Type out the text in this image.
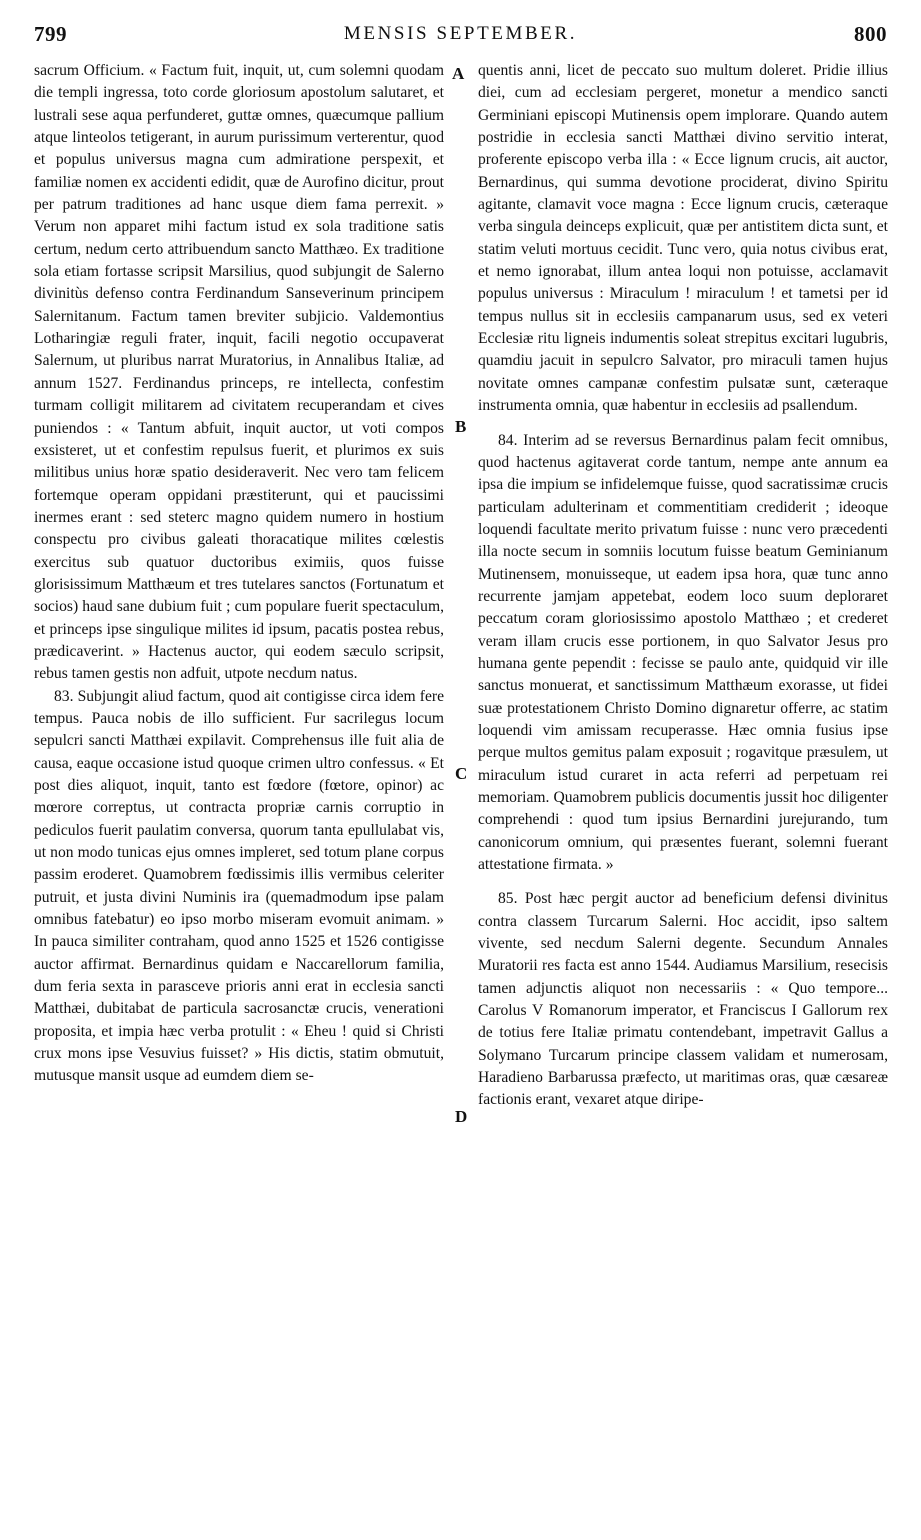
799	MENSIS SEPTEMBER.	800
A
B
C
D

sacrum Officium. « Factum fuit, inquit, ut, cum solemni quodam die templi ingressa, toto corde gloriosum apostolum salutaret, et lustrali sese aqua perfunderet, guttæ omnes, quæcumque pallium atque linteolos tetigerant, in aurum purissimum verterentur, quod et populus universus magna cum admiratione perspexit, et familiæ nomen ex accidenti edidit, quæ de Aurofino dicitur, prout per patrum traditiones ad hanc usque diem fama perrexit. » Verum non apparet mihi factum istud ex sola traditione satis certum, nedum certo attribuendum sancto Matthæo. Ex traditione sola etiam fortasse scripsit Marsilius, quod subjungit de Salerno divinitùs defenso contra Ferdinandum Sanseverinum principem Salernitanum. Factum tamen breviter subjicio. Valdemontius Lotharingiæ reguli frater, inquit, facili negotio occupaverat Salernum, ut pluribus narrat Muratorius, in Annalibus Italiæ, ad annum 1527. Ferdinandus princeps, re intellecta, confestim turmam colligit militarem ad civitatem recuperandam et cives puniendos : « Tantum abfuit, inquit auctor, ut voti compos exsisteret, ut et confestim repulsus fuerit, et plurimos ex suis militibus unius horæ spatio desideraverit. Nec vero tam felicem fortemque operam oppidani præstiterunt, qui et paucissimi inermes erant : sed steterc magno quidem numero in hostium conspectu pro civibus galeati thoracatique milites cœlestis exercitus sub quatuor ductoribus eximiis, quos fuisse glorisissimum Matthæum et tres tutelares sanctos (Fortunatum et socios) haud sane dubium fuit ; cum populare fuerit spectaculum, et princeps ipse singulique milites id ipsum, pacatis postea rebus, prædicaverint. » Hactenus auctor, qui eodem sæculo scripsit, rebus tamen gestis non adfuit, utpote necdum natus.

83. Subjungit aliud factum, quod ait contigisse circa idem fere tempus. Pauca nobis de illo sufficient. Fur sacrilegus locum sepulcri sancti Matthæi expilavit. Comprehensus ille fuit alia de causa, eaque occasione istud quoque crimen ultro confessus. « Et post dies aliquot, inquit, tanto est fœdore (fœtore, opinor) ac mœrore correptus, ut contracta propriæ carnis corruptio in pediculos fuerit paulatim conversa, quorum tanta epullulabat vis, ut non modo tunicas ejus omnes impleret, sed totum plane corpus passim eroderet. Quamobrem fœdissimis illis vermibus celeriter putruit, et justa divini Numinis ira (quemadmodum ipse palam omnibus fatebatur) eo ipso morbo miseram evomuit animam. » In pauca similiter contraham, quod anno 1525 et 1526 contigisse auctor affirmat. Bernardinus quidam e Naccarellorum familia, dum feria sexta in parasceve prioris anni erat in ecclesia sancti Matthæi, dubitabat de particula sacrosanctæ crucis, venerationi proposita, et impia hæc verba protulit : « Eheu ! quid si Christi crux mons ipse Vesuvius fuisset? » His dictis, statim obmutuit, mutusque mansit usque ad eumdem diem se-

quentis anni, licet de peccato suo multum doleret. Pridie illius diei, cum ad ecclesiam pergeret, monetur a mendico sancti Germiniani episcopi Mutinensis opem implorare. Quando autem postridie in ecclesia sancti Matthæi divino servitio interat, proferente episcopo verba illa : « Ecce lignum crucis, ait auctor, Bernardinus, qui summa devotione prociderat, divino Spiritu agitante, clamavit voce magna : Ecce lignum crucis, cæteraque verba singula deinceps explicuit, quæ per antistitem dicta sunt, et statim veluti mortuus cecidit. Tunc vero, quia notus civibus erat, et nemo ignorabat, illum antea loqui non potuisse, acclamavit populus universus : Miraculum ! miraculum ! et tametsi per id tempus nullus sit in ecclesiis campanarum usus, sed ex veteri Ecclesiæ ritu ligneis indumentis soleat strepitus excitari lugubris, quamdiu jacuit in sepulcro Salvator, pro miraculi tamen hujus novitate omnes campanæ confestim pulsatæ sunt, cæteraque instrumenta omnia, quæ habentur in ecclesiis ad psallendum.

84. Interim ad se reversus Bernardinus palam fecit omnibus, quod hactenus agitaverat corde tantum, nempe ante annum ea ipsa die impium se infidelemque fuisse, quod sacratissimæ crucis particulam adulterinam et commentitiam crediderit ; ideoque loquendi facultate merito privatum fuisse : nunc vero præcedenti illa nocte secum in somniis locutum fuisse beatum Geminianum Mutinensem, monuisseque, ut eadem ipsa hora, quæ tunc anno recurrente jamjam appetebat, eodem loco suum deploraret peccatum coram gloriosissimo apostolo Matthæo ; et crederet veram illam crucis esse portionem, in quo Salvator Jesus pro humana gente pependit : fecisse se paulo ante, quidquid vir ille sanctus monuerat, et sanctissimum Matthæum exorasse, ut fidei suæ protestationem Christo Domino dignaretur offerre, ac statim loquendi vim amissam recuperasse. Hæc omnia fusius ipse perque multos gemitus palam exposuit ; rogavitque præsulem, ut miraculum istud curaret in acta referri ad perpetuam rei memoriam. Quamobrem publicis documentis jussit hoc diligenter comprehendi : quod tum ipsius Bernardini jurejurando, tum canonicorum omnium, qui præsentes fuerant, solemni fuerant attestatione firmata. »

85. Post hæc pergit auctor ad beneficium defensi divinitus contra classem Turcarum Salerni. Hoc accidit, ipso saltem vivente, sed necdum Salerni degente. Secundum Annales Muratorii res facta est anno 1544. Audiamus Marsilium, resecisis tamen adjunctis aliquot non necessariis : « Quo tempore... Carolus V Romanorum imperator, et Franciscus I Gallorum rex de totius fere Italiæ primatu contendebant, impetravit Gallus a Solymano Turcarum principe classem validam et numerosam, Haradieno Barbarussa præfecto, ut maritimas oras, quæ cæsareæ factionis erant, vexaret atque diripe-
